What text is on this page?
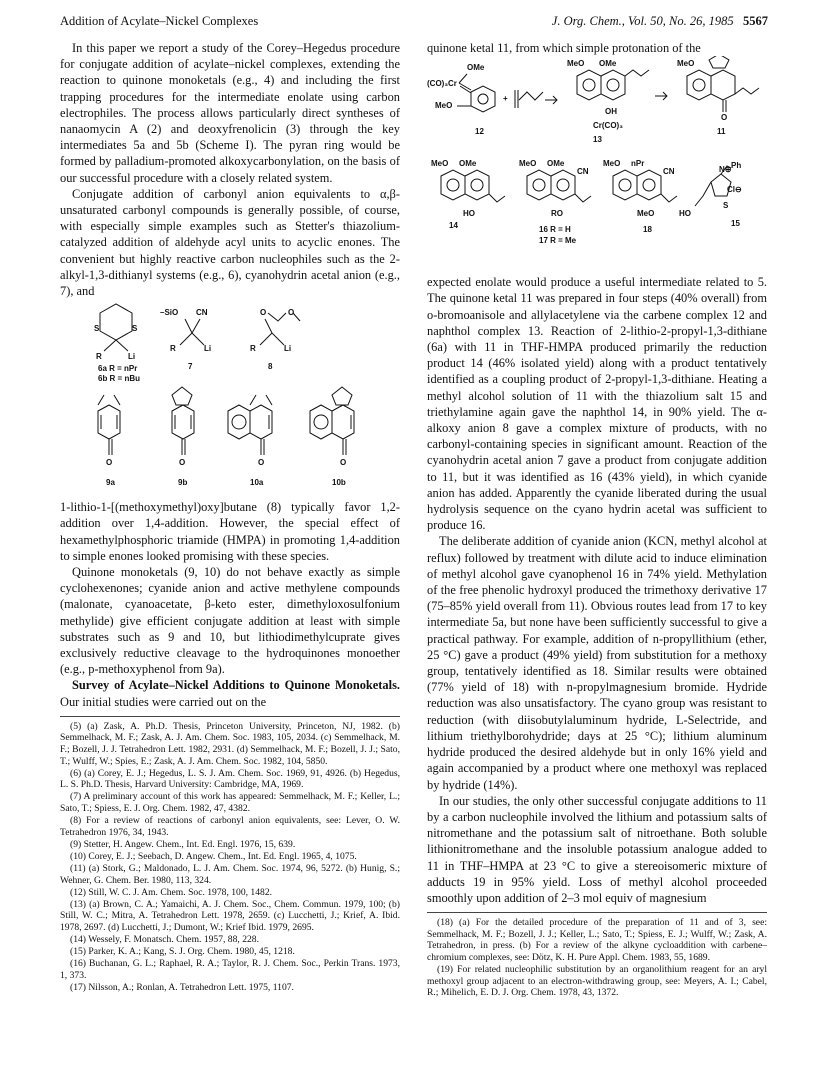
Addition of Acylate–Nickel Complexes	J. Org. Chem., Vol. 50, No. 26, 1985 5567

In this paper we report a study of the Corey–Hegedus procedure for conjugate addition of acylate–nickel complexes, extending the reaction to quinone monoketals (e.g., 4) and including the first trapping procedures for the intermediate enolate using carbon electrophiles. The process allows particularly direct syntheses of nanaomycin A (2) and deoxyfrenolicin (3) through the key intermediates 5a and 5b (Scheme I). The pyran ring would be formed by palladium-promoted alkoxycarbonylation, on the basis of our successful procedure with a closely related system.

Conjugate addition of carbonyl anion equivalents to α,β-unsaturated carbonyl compounds is generally possible, of course, with especially simple examples such as Stetter's thiazolium-catalyzed addition of aldehyde acyl units to acyclic enones. The convenient but highly reactive carbon nucleophiles such as the 2-alkyl-1,3-dithianyl systems (e.g., 6), cyanohydrin acetal anion (e.g., 7), and

S	S
R	Li
6a R = nPr
6b R = nBu
–SiO CN
R	Li
7
O	O
R	Li
8
O
9a
O
9b
O
10a
O
10b

1-lithio-1-[(methoxymethyl)oxy]butane (8) typically favor 1,2-addition over 1,4-addition. However, the special effect of hexamethylphosphoric triamide (HMPA) in promoting 1,4-addition to simple enones looked promising with these species.

Quinone monoketals (9, 10) do not behave exactly as simple cyclohexenones; cyanide anion and active methylene compounds (malonate, cyanoacetate, β-keto ester, dimethyloxosulfonium methylide) give efficient conjugate addition at least with simple substrates such as 9 and 10, but lithiodimethylcuprate gives exclusively reductive cleavage to the hydroquinones monoether (e.g., p-methoxyphenol from 9a).

Survey of Acylate–Nickel Additions to Quinone Monoketals. Our initial studies were carried out on the

(5) (a) Zask, A. Ph.D. Thesis, Princeton University, Princeton, NJ, 1982. (b) Semmelhack, M. F.; Zask, A. J. Am. Chem. Soc. 1983, 105, 2034. (c) Semmelhack, M. F.; Bozell, J. J. Tetrahedron Lett. 1982, 2931. (d) Semmelhack, M. F.; Bozell, J. J.; Sato, T.; Wulff, W.; Spies, E.; Zask, A. J. Am. Chem. Soc. 1982, 104, 5850.

(6) (a) Corey, E. J.; Hegedus, L. S. J. Am. Chem. Soc. 1969, 91, 4926. (b) Hegedus, L. S. Ph.D. Thesis, Harvard University: Cambridge, MA, 1969.

(7) A preliminary account of this work has appeared: Semmelhack, M. F.; Keller, L.; Sato, T.; Spiess, E. J. Org. Chem. 1982, 47, 4382.

(8) For a review of reactions of carbonyl anion equivalents, see: Lever, O. W. Tetrahedron 1976, 34, 1943.

(9) Stetter, H. Angew. Chem., Int. Ed. Engl. 1976, 15, 639.

(10) Corey, E. J.; Seebach, D. Angew. Chem., Int. Ed. Engl. 1965, 4, 1075.

(11) (a) Stork, G.; Maldonado, L. J. Am. Chem. Soc. 1974, 96, 5272. (b) Hunig, S.; Wehner, G. Chem. Ber. 1980, 113, 324.

(12) Still, W. C. J. Am. Chem. Soc. 1978, 100, 1482.

(13) (a) Brown, C. A.; Yamaichi, A. J. Chem. Soc., Chem. Commun. 1979, 100; (b) Still, W. C.; Mitra, A. Tetrahedron Lett. 1978, 2659. (c) Lucchetti, J.; Krief, A. Ibid. 1978, 2697. (d) Lucchetti, J.; Dumont, W.; Krief Ibid. 1979, 2695.

(14) Wessely, F. Monatsch. Chem. 1957, 88, 228.

(15) Parker, K. A.; Kang, S. J. Org. Chem. 1980, 45, 1218.

(16) Buchanan, G. L.; Raphael, R. A.; Taylor, R. J. Chem. Soc., Perkin Trans. 1973, 1, 373.

(17) Nilsson, A.; Ronlan, A. Tetrahedron Lett. 1975, 1107.

quinone ketal 11, from which simple protonation of the

(CO)₃Cr
OMe
MeO
12
+
MeO OMe
OH
Cr(CO)₃
13
MeO
O
11
MeO OMe
HO
14
MeO OMe
CN
RO
16 R = H
17 R = Me
MeO nPr
CN
MeO
18
Ph
N⊕
Cl⊖
S
HO
15

expected enolate would produce a useful intermediate related to 5. The quinone ketal 11 was prepared in four steps (40% overall) from o-bromoanisole and allylacetylene via the carbene complex 12 and naphthol complex 13. Reaction of 2-lithio-2-propyl-1,3-dithiane (6a) with 11 in THF-HMPA produced primarily the reduction product 14 (46% isolated yield) along with a product tentatively identified as a coupling product of 2-propyl-1,3-dithiane. Heating a methyl alcohol solution of 11 with the thiazolium salt 15 and triethylamine again gave the naphthol 14, in 90% yield. The α-alkoxy anion 8 gave a complex mixture of products, with no carbonyl-containing species in significant amount. Reaction of the cyanohydrin acetal anion 7 gave a product from conjugate addition to 11, but it was identified as 16 (43% yield), in which cyanide anion has added. Apparently the cyanide liberated during the usual hydrolysis sequence on the cyano hydrin acetal was sufficient to produce 16.

The deliberate addition of cyanide anion (KCN, methyl alcohol at reflux) followed by treatment with dilute acid to induce elimination of methyl alcohol gave cyanophenol 16 in 74% yield. Methylation of the free phenolic hydroxyl produced the trimethoxy derivative 17 (75–85% yield overall from 11). Obvious routes lead from 17 to key intermediate 5a, but none have been sufficiently successful to give a practical pathway. For example, addition of n-propyllithium (ether, 25 °C) gave a product (49% yield) from substitution for a methoxy group, tentatively identified as 18. Similar results were obtained (77% yield of 18) with n-propylmagnesium bromide. Hydride reduction was also unsatisfactory. The cyano group was resistant to reduction (with diisobutylaluminum hydride, L-Selectride, and lithium triethylborohydride; days at 25 °C); lithium aluminum hydride produced the desired aldehyde but in only 16% yield and again accompanied by a product where one methoxyl was replaced by hydride (14%).

In our studies, the only other successful conjugate additions to 11 by a carbon nucleophile involved the lithium and potassium salts of nitromethane and the potassium salt of nitroethane. Both soluble lithionitromethane and the insoluble potassium analogue added to 11 in THF–HMPA at 23 °C to give a stereoisomeric mixture of adducts 19 in 95% yield. Loss of methyl alcohol proceeded smoothly upon addition of 2–3 mol equiv of magnesium

(18) (a) For the detailed procedure of the preparation of 11 and of 3, see: Semmelhack, M. F.; Bozell, J. J.; Keller, L.; Sato, T.; Spiess, E. J.; Wulff, W.; Zask, A. Tetrahedron, in press. (b) For a review of the alkyne cycloaddition with carbene–chromium complexes, see: Dötz, K. H. Pure Appl. Chem. 1983, 55, 1689.

(19) For related nucleophilic substitution by an organolithium reagent for an aryl methoxyl group adjacent to an electron-withdrawing group, see: Meyers, A. I.; Cabel, R.; Mihelich, E. D. J. Org. Chem. 1978, 43, 1372.
